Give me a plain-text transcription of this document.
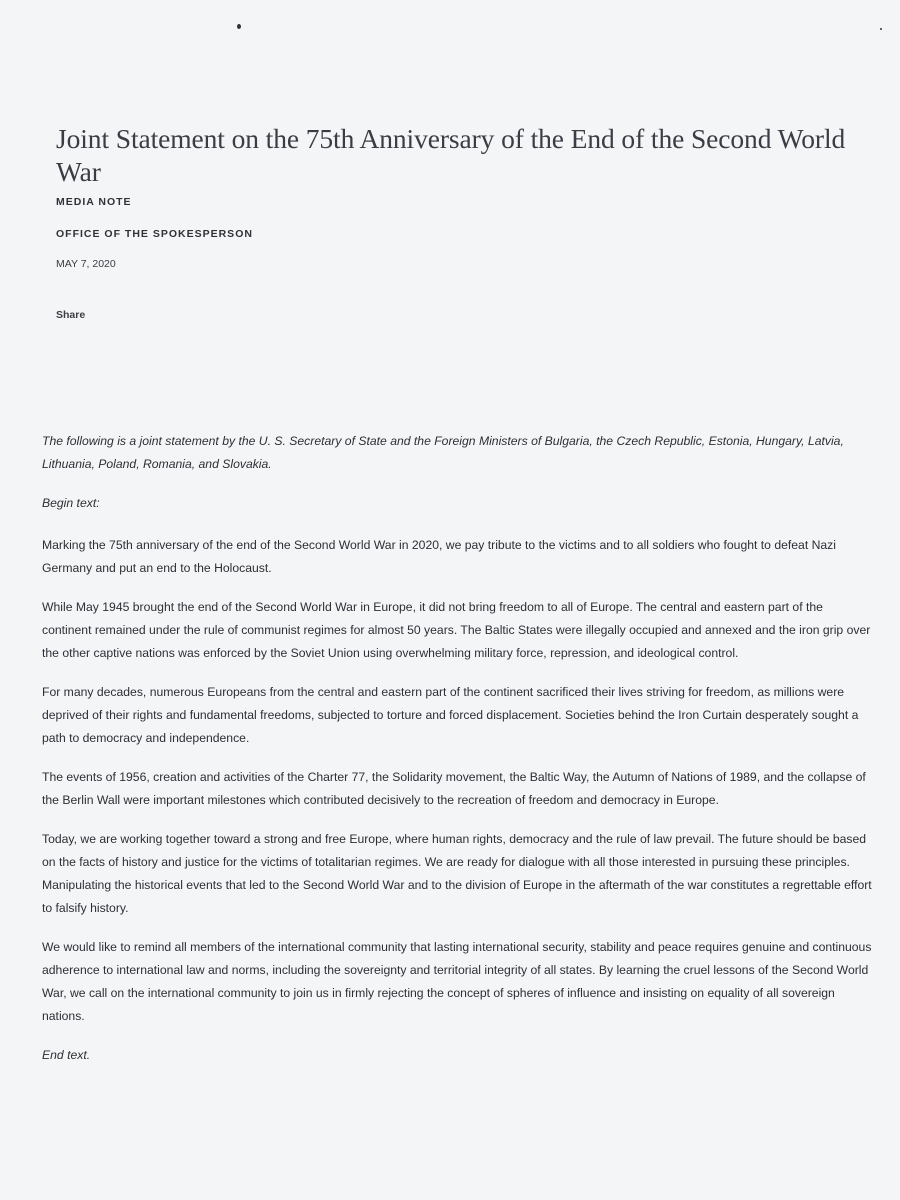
Joint Statement on the 75th Anniversary of the End of the Second World War
MEDIA NOTE
OFFICE OF THE SPOKESPERSON
MAY 7, 2020
Share

The following is a joint statement by the U. S. Secretary of State and the Foreign Ministers of Bulgaria, the Czech Republic, Estonia, Hungary, Latvia, Lithuania, Poland, Romania, and Slovakia.

Begin text:

Marking the 75th anniversary of the end of the Second World War in 2020, we pay tribute to the victims and to all soldiers who fought to defeat Nazi Germany and put an end to the Holocaust.

While May 1945 brought the end of the Second World War in Europe, it did not bring freedom to all of Europe. The central and eastern part of the continent remained under the rule of communist regimes for almost 50 years. The Baltic States were illegally occupied and annexed and the iron grip over the other captive nations was enforced by the Soviet Union using overwhelming military force, repression, and ideological control.

For many decades, numerous Europeans from the central and eastern part of the continent sacrificed their lives striving for freedom, as millions were deprived of their rights and fundamental freedoms, subjected to torture and forced displacement. Societies behind the Iron Curtain desperately sought a path to democracy and independence.

The events of 1956, creation and activities of the Charter 77, the Solidarity movement, the Baltic Way, the Autumn of Nations of 1989, and the collapse of the Berlin Wall were important milestones which contributed decisively to the recreation of freedom and democracy in Europe.

Today, we are working together toward a strong and free Europe, where human rights, democracy and the rule of law prevail. The future should be based on the facts of history and justice for the victims of totalitarian regimes. We are ready for dialogue with all those interested in pursuing these principles. Manipulating the historical events that led to the Second World War and to the division of Europe in the aftermath of the war constitutes a regrettable effort to falsify history.

We would like to remind all members of the international community that lasting international security, stability and peace requires genuine and continuous adherence to international law and norms, including the sovereignty and territorial integrity of all states. By learning the cruel lessons of the Second World War, we call on the international community to join us in firmly rejecting the concept of spheres of influence and insisting on equality of all sovereign nations.

End text.
